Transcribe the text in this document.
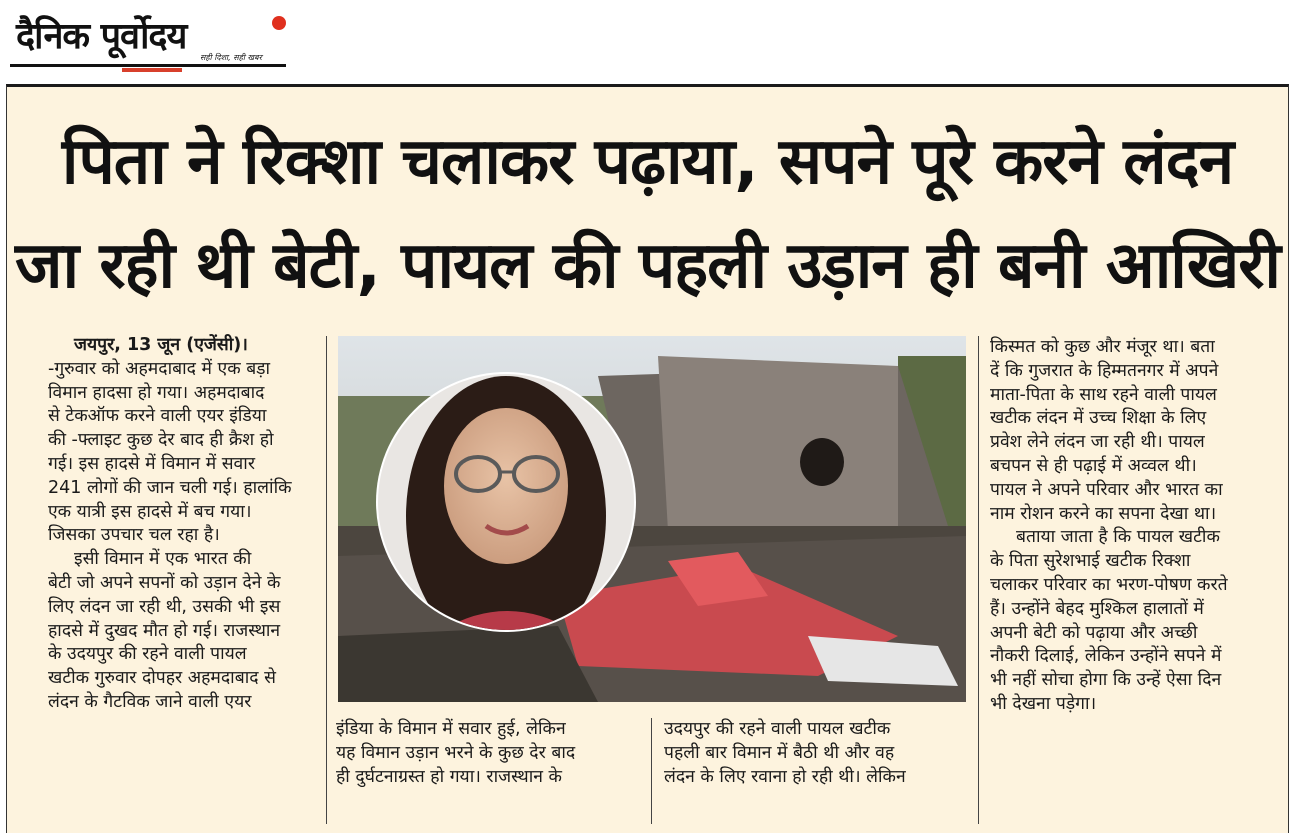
दैनिक पूर्वोदय
सही दिशा, सही खबर
पिता ने रिक्शा चलाकर पढ़ाया, सपने पूरे करने लंदन
जा रही थी बेटी, पायल की पहली उड़ान ही बनी आखिरी

जयपुर, 13 जून (एजेंसी)।

-गुरुवार को अहमदाबाद में एक बड़ा

विमान हादसा हो गया। अहमदाबाद

से टेकऑफ करने वाली एयर इंडिया

की -फ्लाइट कुछ देर बाद ही क्रैश हो

गई। इस हादसे में विमान में सवार

241 लोगों की जान चली गई। हालांकि

एक यात्री इस हादसे में बच गया।

जिसका उपचार चल रहा है।

इसी विमान में एक भारत की

बेटी जो अपने सपनों को उड़ान देने के

लिए लंदन जा रही थी, उसकी भी इस

हादसे में दुखद मौत हो गई। राजस्थान

के उदयपुर की रहने वाली पायल

खटीक गुरुवार दोपहर अहमदाबाद से

लंदन के गैटविक जाने वाली एयर

इंडिया के विमान में सवार हुई, लेकिन

यह विमान उड़ान भरने के कुछ देर बाद

ही दुर्घटनाग्रस्त हो गया। राजस्थान के

उदयपुर की रहने वाली पायल खटीक

पहली बार विमान में बैठी थी और वह

लंदन के लिए रवाना हो रही थी। लेकिन

किस्मत को कुछ और मंजूर था। बता

दें कि गुजरात के हिम्मतनगर में अपने

माता-पिता के साथ रहने वाली पायल

खटीक लंदन में उच्च शिक्षा के लिए

प्रवेश लेने लंदन जा रही थी। पायल

बचपन से ही पढ़ाई में अव्वल थी।

पायल ने अपने परिवार और भारत का

नाम रोशन करने का सपना देखा था।

बताया जाता है कि पायल खटीक

के पिता सुरेशभाई खटीक रिक्शा

चलाकर परिवार का भरण-पोषण करते

हैं। उन्होंने बेहद मुश्किल हालातों में

अपनी बेटी को पढ़ाया और अच्छी

नौकरी दिलाई, लेकिन उन्होंने सपने में

भी नहीं सोचा होगा कि उन्हें ऐसा दिन

भी देखना पड़ेगा।
